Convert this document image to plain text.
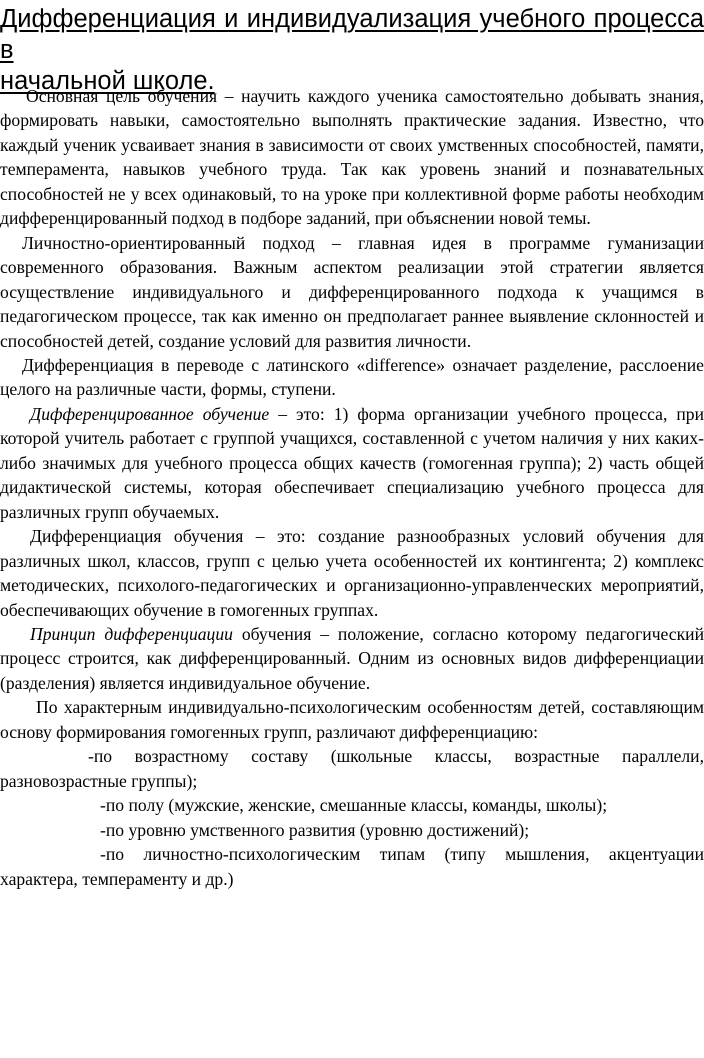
Дифференциация и индивидуализация учебного процесса в
начальной школе.

Основная цель обучения – научить каждого ученика самостоятельно добывать знания, формировать навыки, самостоятельно выполнять практические задания. Известно, что каждый ученик усваивает знания в зависимости от своих умственных способностей, памяти, темперамента, навыков учебного труда. Так как уровень знаний и познавательных способностей не у всех одинаковый, то на уроке при коллективной форме работы необходим дифференцированный подход в подборе заданий, при объяснении новой темы.

Личностно-ориентированный подход – главная идея в программе гуманизации современного образования. Важным аспектом реализации этой стратегии является осуществление индивидуального и дифференцированного подхода к учащимся в педагогическом процессе, так как именно он предполагает раннее выявление склонностей и способностей детей, создание условий для развития личности.

Дифференциация в переводе с латинского «difference» означает разделение, расслоение целого на различные части, формы, ступени.

Дифференцированное обучение – это: 1) форма организации учебного процесса, при которой учитель работает с группой учащихся, составленной с учетом наличия у них каких- либо значимых для учебного процесса общих качеств (гомогенная группа); 2) часть общей дидактической системы, которая обеспечивает специализацию учебного процесса для различных групп обучаемых.

Дифференциация обучения – это: создание разнообразных условий обучения для различных школ, классов, групп с целью учета особенностей их контингента; 2) комплекс методических, психолого-педагогических и организационно-управленческих мероприятий, обеспечивающих обучение в гомогенных группах.

Принцип дифференциации обучения – положение, согласно которому педагогический процесс строится, как дифференцированный. Одним из основных видов дифференциации (разделения) является индивидуальное обучение.

По характерным индивидуально-психологическим особенностям детей, составляющим основу формирования гомогенных групп, различают дифференциацию:

-по возрастному составу (школьные классы, возрастные параллели, разновозрастные группы);

-по полу (мужские, женские, смешанные классы, команды, школы);

-по уровню умственного развития (уровню достижений);

-по личностно-психологическим типам (типу мышления, акцентуации характера, темпераменту и др.)
